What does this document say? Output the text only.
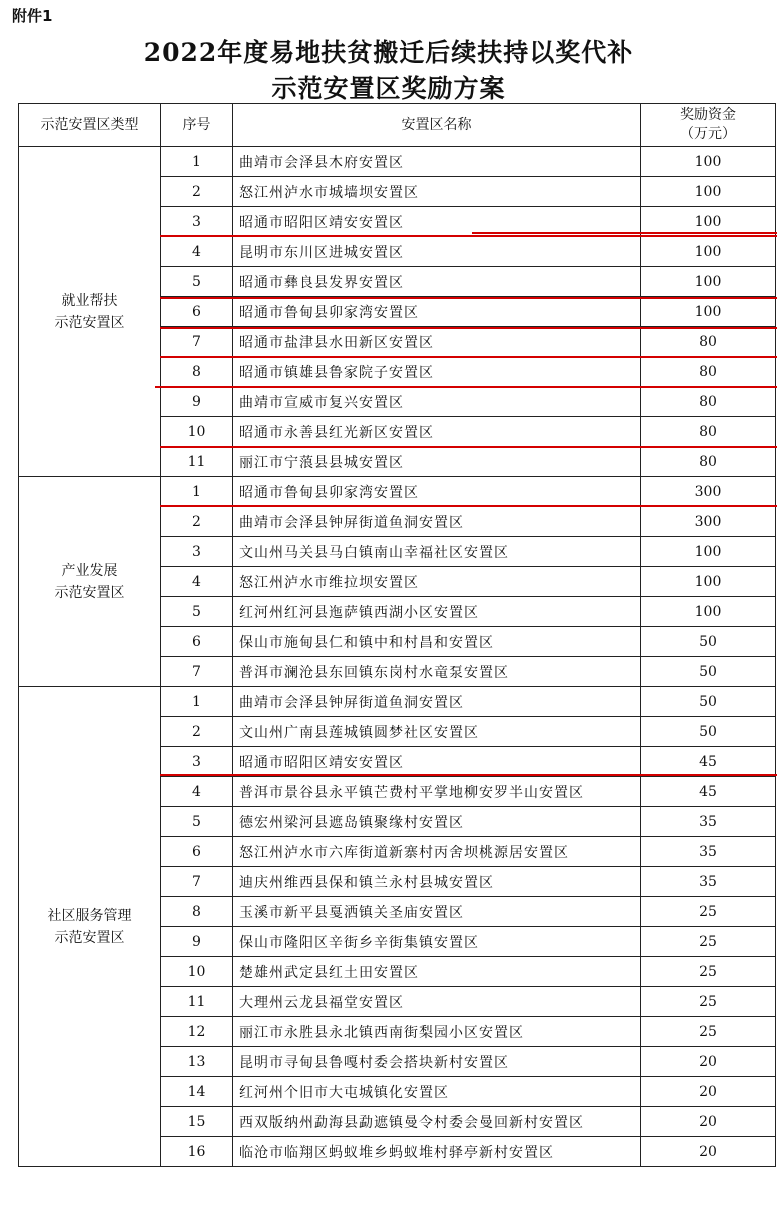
附件1
2022年度易地扶贫搬迁后续扶持以奖代补
示范安置区奖励方案
示范安置区类型	序号	安置区名称	奖励资金
（万元）

就业帮扶
示范安置区	1	曲靖市会泽县木府安置区	100
	2	怒江州泸水市城墙坝安置区	100
	3	昭通市昭阳区靖安安置区	100
	4	昆明市东川区进城安置区	100
	5	昭通市彝良县发界安置区	100
	6	昭通市鲁甸县卯家湾安置区	100
	7	昭通市盐津县水田新区安置区	80
	8	昭通市镇雄县鲁家院子安置区	80
	9	曲靖市宣威市复兴安置区	80
	10	昭通市永善县红光新区安置区	80
	11	丽江市宁蒗县县城安置区	80

产业发展
示范安置区	1	昭通市鲁甸县卯家湾安置区	300
	2	曲靖市会泽县钟屏街道鱼洞安置区	300
	3	文山州马关县马白镇南山幸福社区安置区	100
	4	怒江州泸水市维拉坝安置区	100
	5	红河州红河县迤萨镇西湖小区安置区	100
	6	保山市施甸县仁和镇中和村昌和安置区	50
	7	普洱市澜沧县东回镇东岗村水竜泵安置区	50

社区服务管理
示范安置区	1	曲靖市会泽县钟屏街道鱼洞安置区	50
	2	文山州广南县莲城镇圆梦社区安置区	50
	3	昭通市昭阳区靖安安置区	45
	4	普洱市景谷县永平镇芒费村平掌地柳安罗半山安置区	45
	5	德宏州梁河县遮岛镇聚缘村安置区	35
	6	怒江州泸水市六库街道新寨村丙舍坝桃源居安置区	35
	7	迪庆州维西县保和镇兰永村县城安置区	35
	8	玉溪市新平县戛洒镇关圣庙安置区	25
	9	保山市隆阳区辛街乡辛街集镇安置区	25
	10	楚雄州武定县红土田安置区	25
	11	大理州云龙县福堂安置区	25
	12	丽江市永胜县永北镇西南街梨园小区安置区	25
	13	昆明市寻甸县鲁嘎村委会搭块新村安置区	20
	14	红河州个旧市大屯城镇化安置区	20
	15	西双版纳州勐海县勐遮镇曼令村委会曼回新村安置区	20
	16	临沧市临翔区蚂蚁堆乡蚂蚁堆村驿亭新村安置区	20
